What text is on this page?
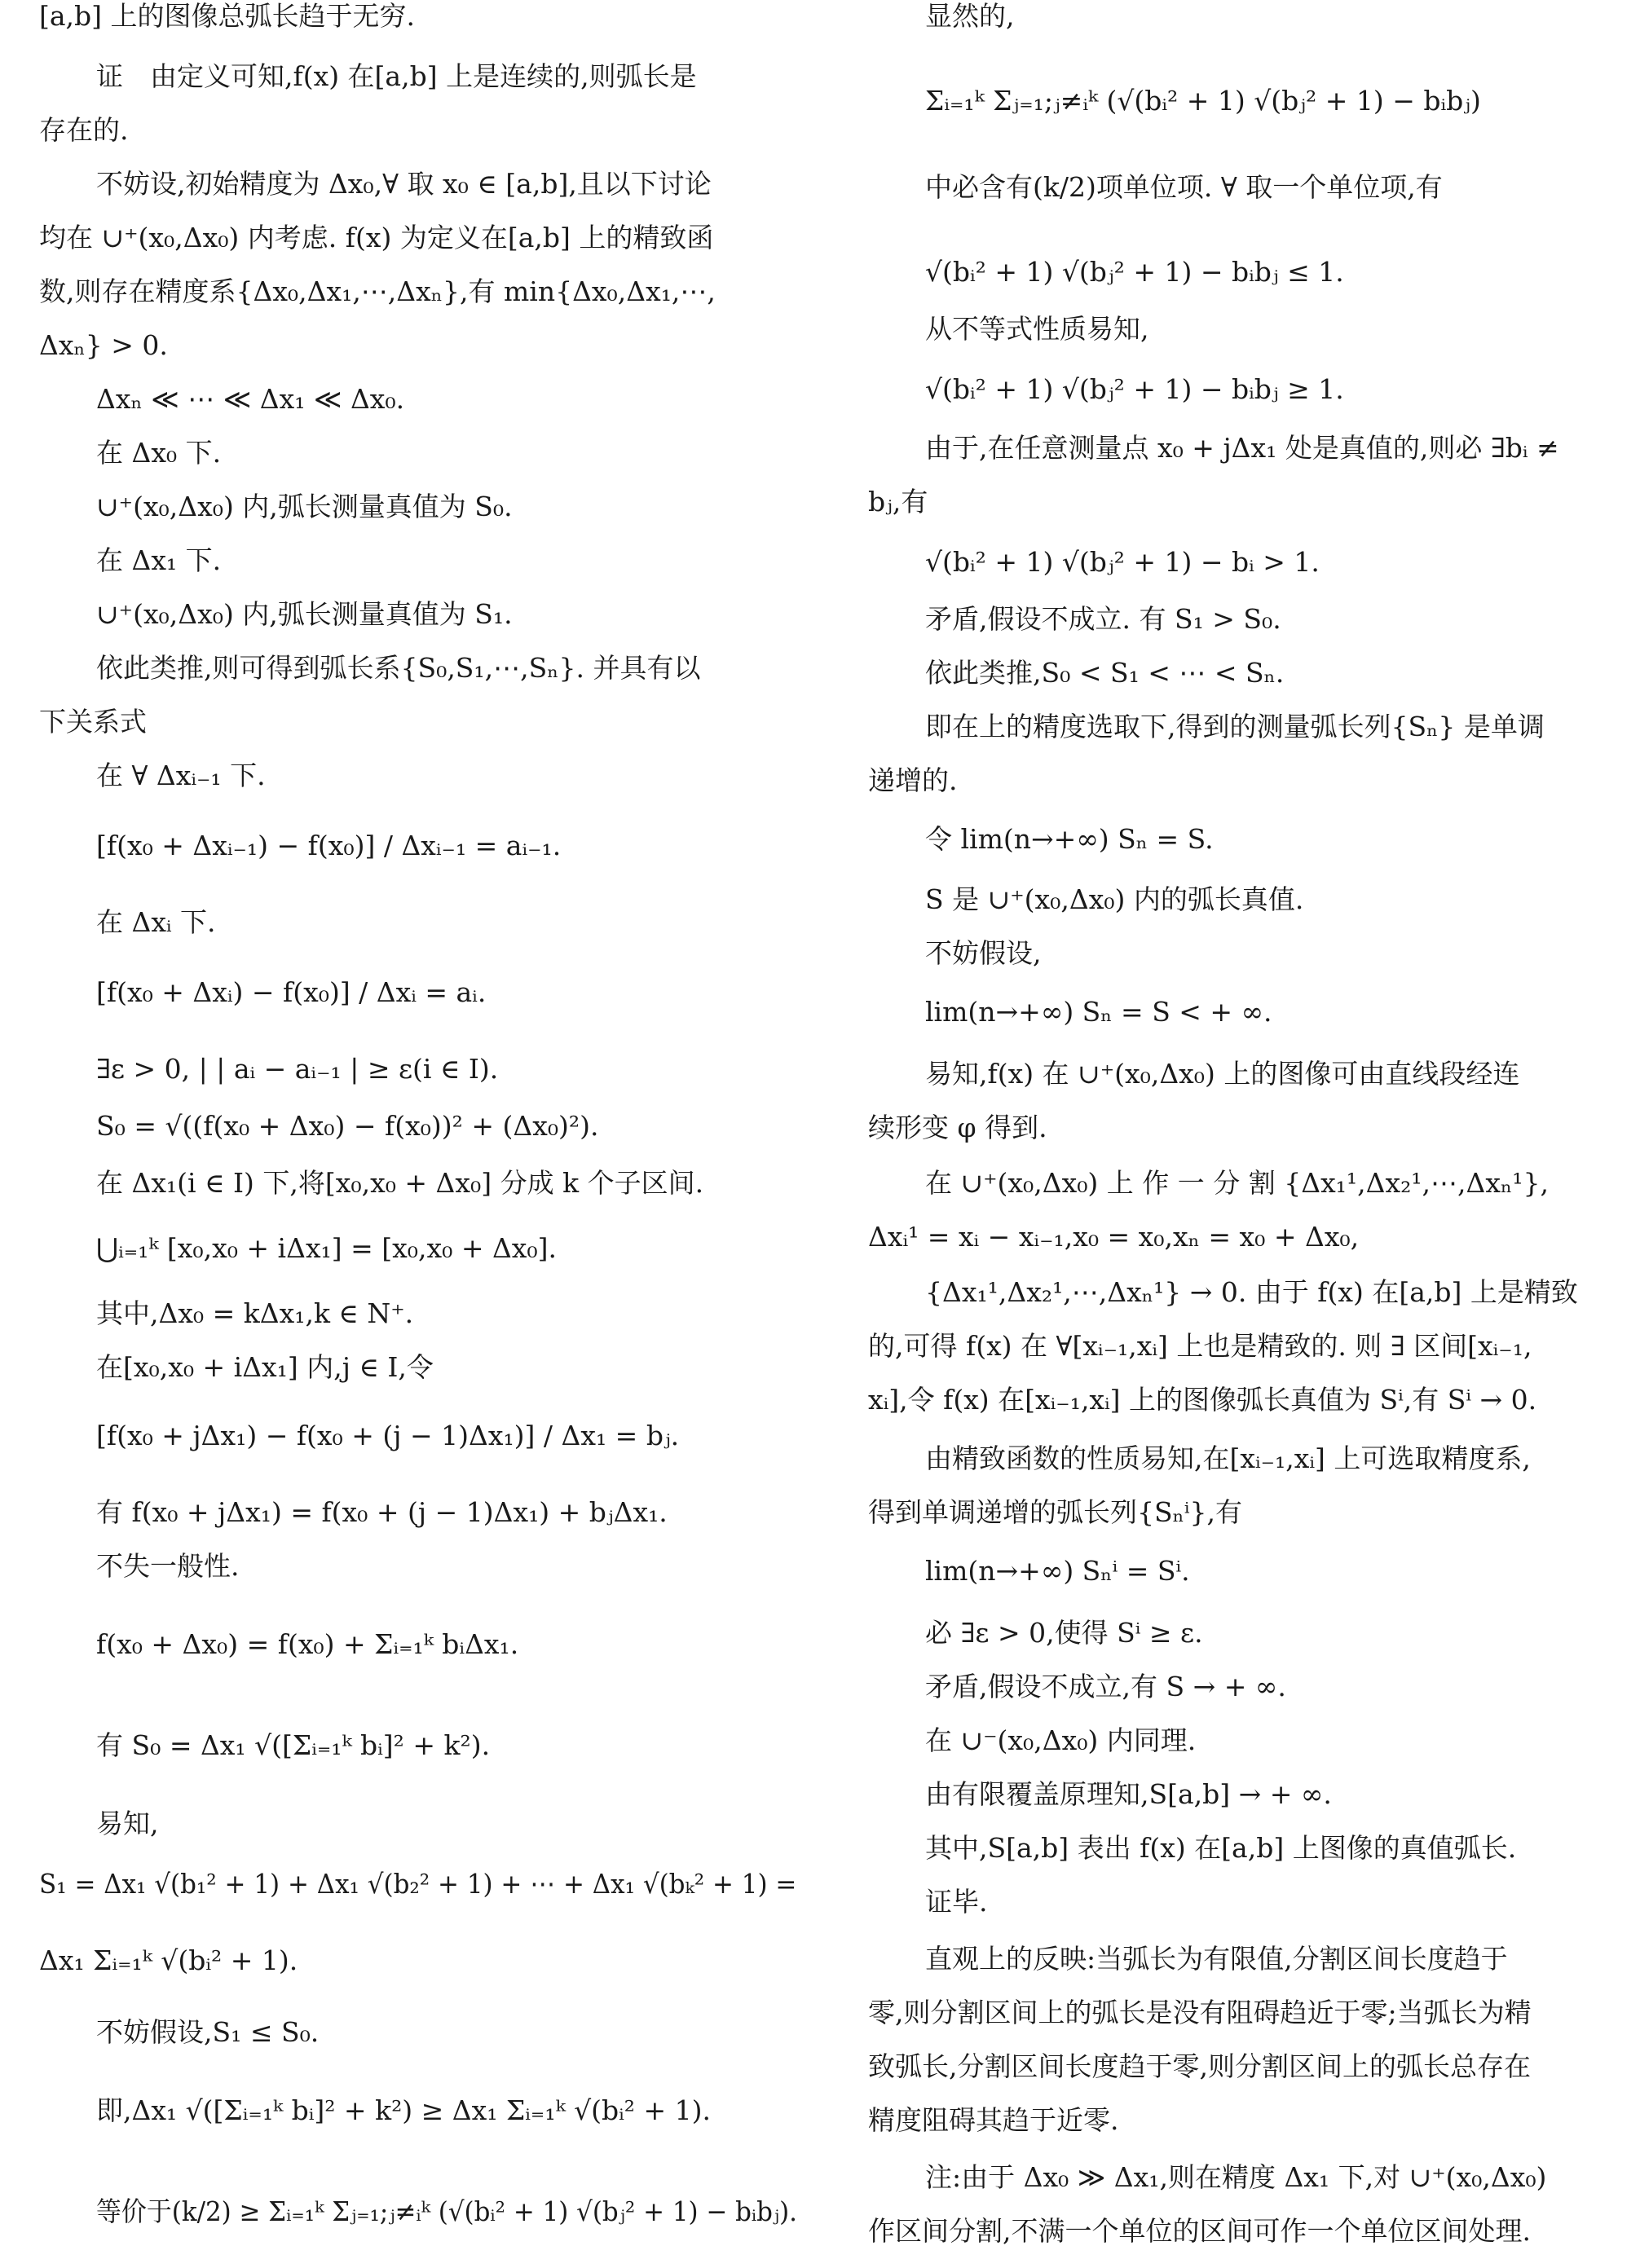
[a,b] 上的图像总弧长趋于无穷.
证　由定义可知,f(x) 在[a,b] 上是连续的,则弧长是
存在的.
不妨设,初始精度为 Δx₀,∀ 取 x₀ ∈ [a,b],且以下讨论
均在 ∪⁺(x₀,Δx₀) 内考虑. f(x) 为定义在[a,b] 上的精致函
数,则存在精度系{Δx₀,Δx₁,⋯,Δxₙ},有 min{Δx₀,Δx₁,⋯,
Δxₙ} > 0.
Δxₙ ≪ ⋯ ≪ Δx₁ ≪ Δx₀.
在 Δx₀ 下.
∪⁺(x₀,Δx₀) 内,弧长测量真值为 S₀.
在 Δx₁ 下.
∪⁺(x₀,Δx₀) 内,弧长测量真值为 S₁.
依此类推,则可得到弧长系{S₀,S₁,⋯,Sₙ}. 并具有以
下关系式
在 ∀ Δxᵢ₋₁ 下.
[f(x₀ + Δxᵢ₋₁) − f(x₀)] / Δxᵢ₋₁ = aᵢ₋₁.
在 Δxᵢ 下.
[f(x₀ + Δxᵢ) − f(x₀)] / Δxᵢ = aᵢ.
∃ε > 0, | | aᵢ − aᵢ₋₁ | ≥ ε(i ∈ I).
S₀ = √((f(x₀ + Δx₀) − f(x₀))² + (Δx₀)²).
在 Δx₁(i ∈ I) 下,将[x₀,x₀ + Δx₀] 分成 k 个子区间.
⋃ᵢ₌₁ᵏ [x₀,x₀ + iΔx₁] = [x₀,x₀ + Δx₀].
其中,Δx₀ = kΔx₁,k ∈ N⁺.
在[x₀,x₀ + iΔx₁] 内,j ∈ I,令
[f(x₀ + jΔx₁) − f(x₀ + (j − 1)Δx₁)] / Δx₁ = bⱼ.
有 f(x₀ + jΔx₁) = f(x₀ + (j − 1)Δx₁) + bⱼΔx₁.
不失一般性.
f(x₀ + Δx₀) = f(x₀) + Σᵢ₌₁ᵏ bᵢΔx₁.
有 S₀ = Δx₁ √([Σᵢ₌₁ᵏ bᵢ]² + k²).
易知,
S₁ = Δx₁ √(b₁² + 1) + Δx₁ √(b₂² + 1) + ⋯ + Δx₁ √(bₖ² + 1) =
Δx₁ Σᵢ₌₁ᵏ √(bᵢ² + 1).
不妨假设,S₁ ≤ S₀.
即,Δx₁ √([Σᵢ₌₁ᵏ bᵢ]² + k²) ≥ Δx₁ Σᵢ₌₁ᵏ √(bᵢ² + 1).
等价于(k/2) ≥ Σᵢ₌₁ᵏ Σⱼ₌₁;ⱼ≠ᵢᵏ (√(bᵢ² + 1) √(bⱼ² + 1) − bᵢbⱼ).
显然的,
Σᵢ₌₁ᵏ Σⱼ₌₁;ⱼ≠ᵢᵏ (√(bᵢ² + 1) √(bⱼ² + 1) − bᵢbⱼ)
中必含有(k/2)项单位项. ∀ 取一个单位项,有
√(bᵢ² + 1) √(bⱼ² + 1) − bᵢbⱼ ≤ 1.
从不等式性质易知,
√(bᵢ² + 1) √(bⱼ² + 1) − bᵢbⱼ ≥ 1.
由于,在任意测量点 x₀ + jΔx₁ 处是真值的,则必 ∃bᵢ ≠
bⱼ,有
√(bᵢ² + 1) √(bⱼ² + 1) − bᵢ > 1.
矛盾,假设不成立. 有 S₁ > S₀.
依此类推,S₀ < S₁ < ⋯ < Sₙ.
即在上的精度选取下,得到的测量弧长列{Sₙ} 是单调
递增的.
令 lim(n→+∞) Sₙ = S.
S 是 ∪⁺(x₀,Δx₀) 内的弧长真值.
不妨假设,
lim(n→+∞) Sₙ = S < + ∞.
易知,f(x) 在 ∪⁺(x₀,Δx₀) 上的图像可由直线段经连
续形变 φ 得到.
在 ∪⁺(x₀,Δx₀) 上 作 一 分 割 {Δx₁¹,Δx₂¹,⋯,Δxₙ¹},
Δxᵢ¹ = xᵢ − xᵢ₋₁,x₀ = x₀,xₙ = x₀ + Δx₀,
{Δx₁¹,Δx₂¹,⋯,Δxₙ¹} → 0. 由于 f(x) 在[a,b] 上是精致
的,可得 f(x) 在 ∀[xᵢ₋₁,xᵢ] 上也是精致的. 则 ∃ 区间[xᵢ₋₁,
xᵢ],令 f(x) 在[xᵢ₋₁,xᵢ] 上的图像弧长真值为 Sⁱ,有 Sⁱ → 0.
由精致函数的性质易知,在[xᵢ₋₁,xᵢ] 上可选取精度系,
得到单调递增的弧长列{Sₙⁱ},有
lim(n→+∞) Sₙⁱ = Sⁱ.
必 ∃ε > 0,使得 Sⁱ ≥ ε.
矛盾,假设不成立,有 S → + ∞.
在 ∪⁻(x₀,Δx₀) 内同理.
由有限覆盖原理知,S[a,b] → + ∞.
其中,S[a,b] 表出 f(x) 在[a,b] 上图像的真值弧长.
证毕.
直观上的反映:当弧长为有限值,分割区间长度趋于
零,则分割区间上的弧长是没有阻碍趋近于零;当弧长为精
致弧长,分割区间长度趋于零,则分割区间上的弧长总存在
精度阻碍其趋于近零.
注:由于 Δx₀ ≫ Δx₁,则在精度 Δx₁ 下,对 ∪⁺(x₀,Δx₀)
作区间分割,不满一个单位的区间可作一个单位区间处理.
